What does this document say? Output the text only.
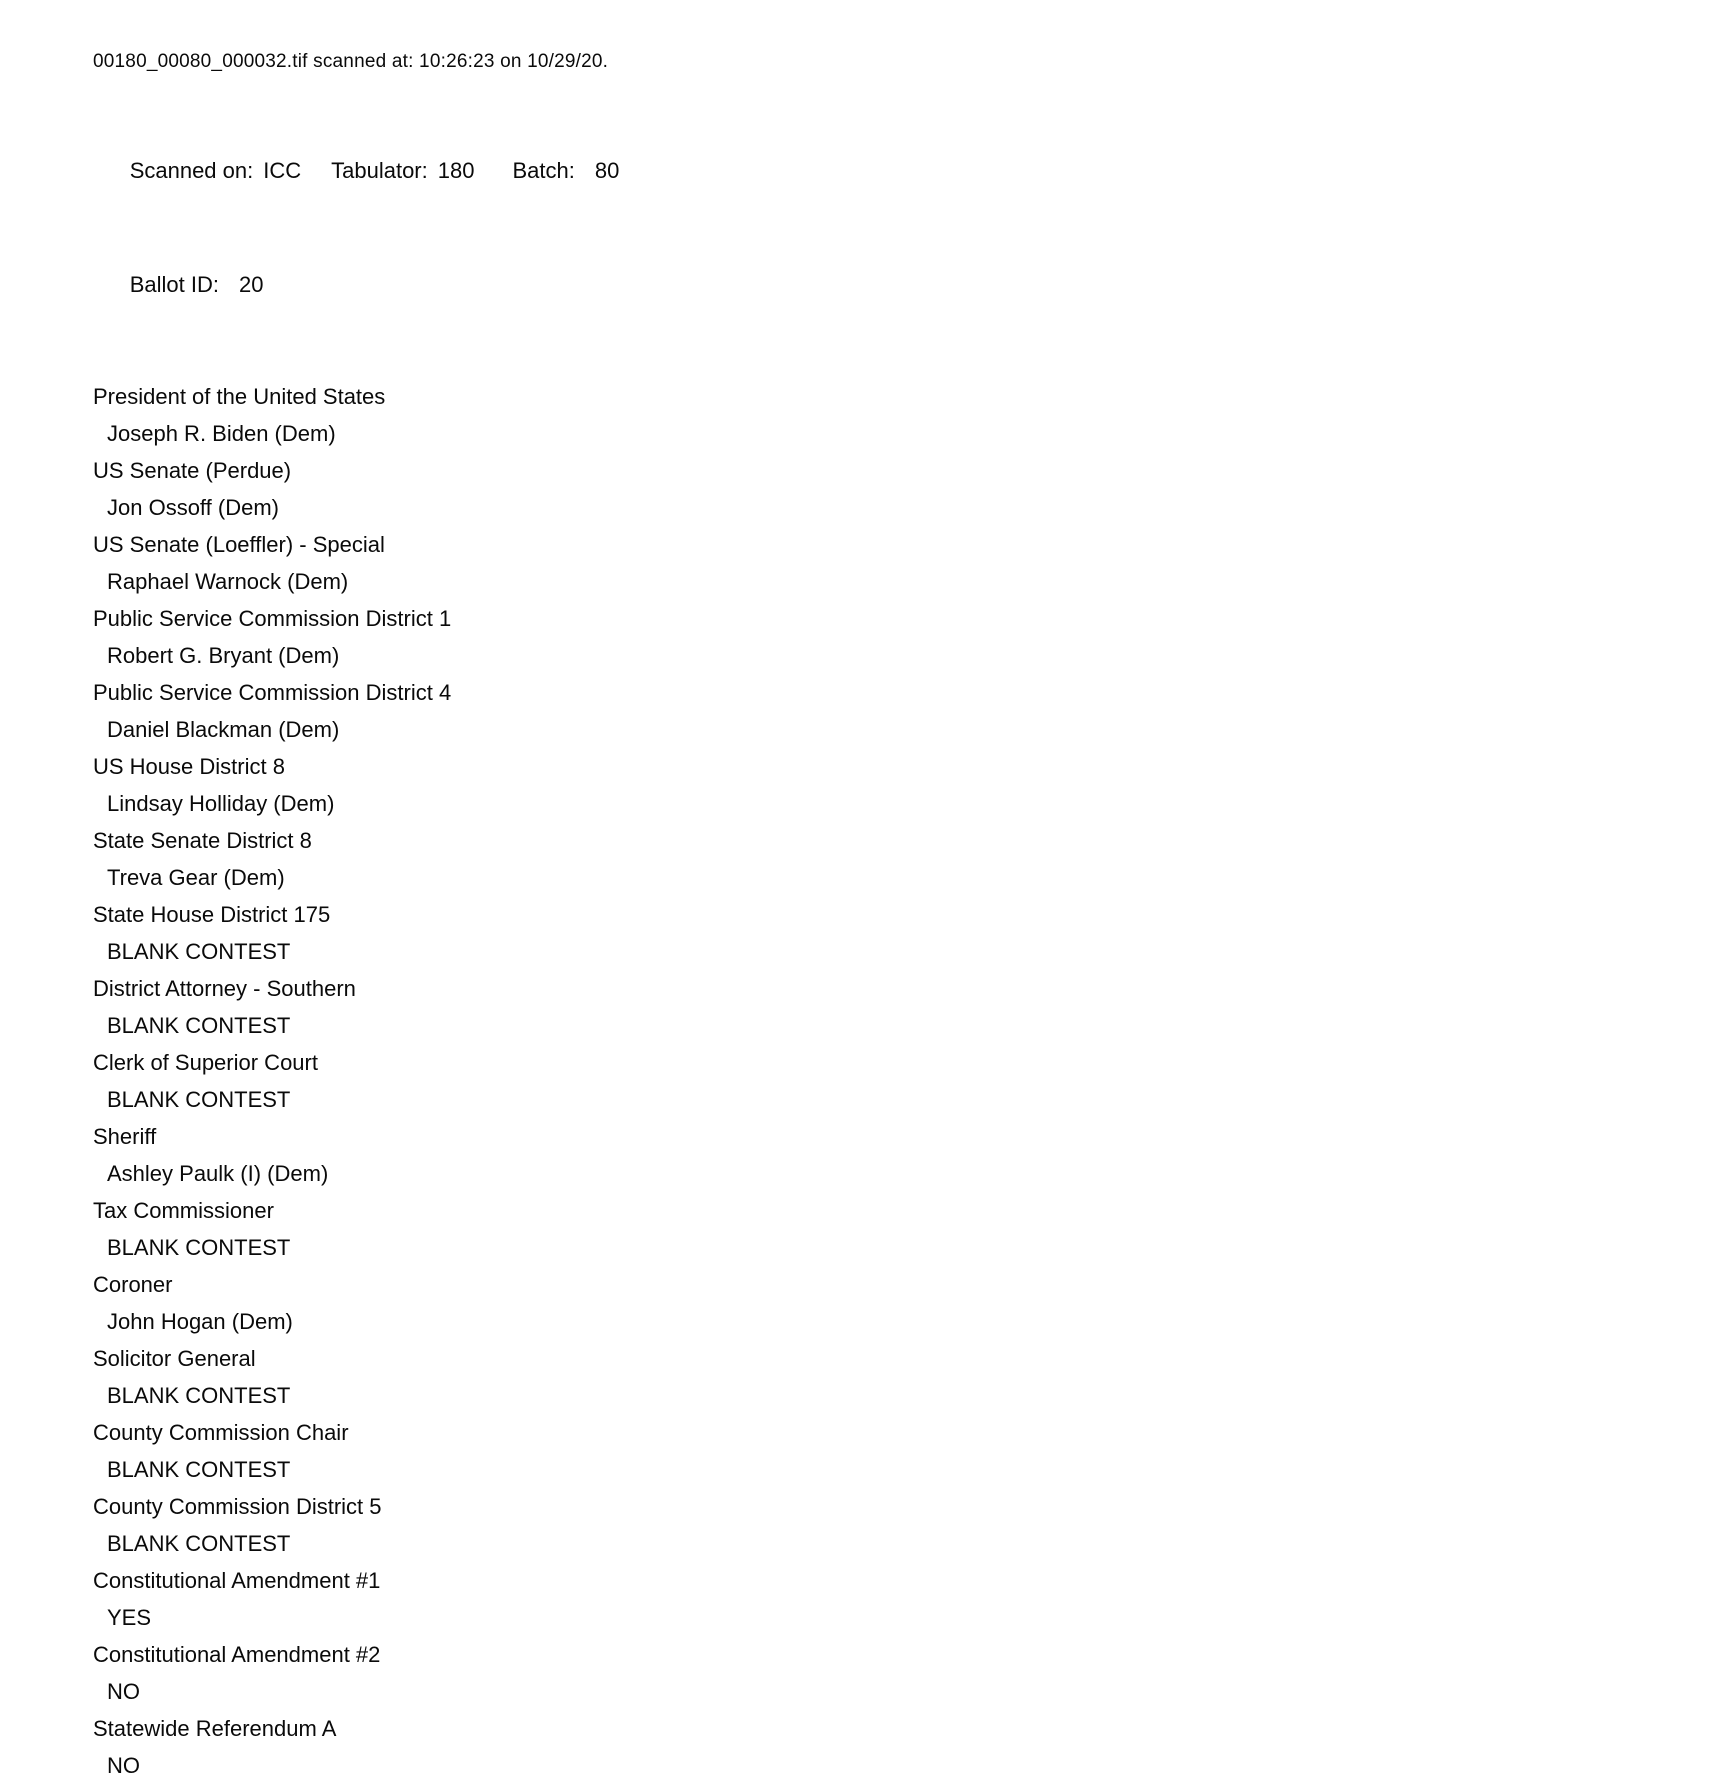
00180_00080_000032.tif scanned at: 10:26:23 on 10/29/20.

Scanned on: ICC Tabulator: 180 Batch: 80

Ballot ID: 20

President of the United States
Joseph R. Biden (Dem)
US Senate (Perdue)
Jon Ossoff (Dem)
US Senate (Loeffler) - Special
Raphael Warnock (Dem)
Public Service Commission District 1
Robert G. Bryant (Dem)
Public Service Commission District 4
Daniel Blackman (Dem)
US House District 8
Lindsay Holliday (Dem)
State Senate District 8
Treva Gear (Dem)
State House District 175
BLANK CONTEST
District Attorney - Southern
BLANK CONTEST
Clerk of Superior Court
BLANK CONTEST
Sheriff
Ashley Paulk (I) (Dem)
Tax Commissioner
BLANK CONTEST
Coroner
John Hogan (Dem)
Solicitor General
BLANK CONTEST
County Commission Chair
BLANK CONTEST
County Commission District 5
BLANK CONTEST
Constitutional Amendment #1
YES
Constitutional Amendment #2
NO
Statewide Referendum A
NO
